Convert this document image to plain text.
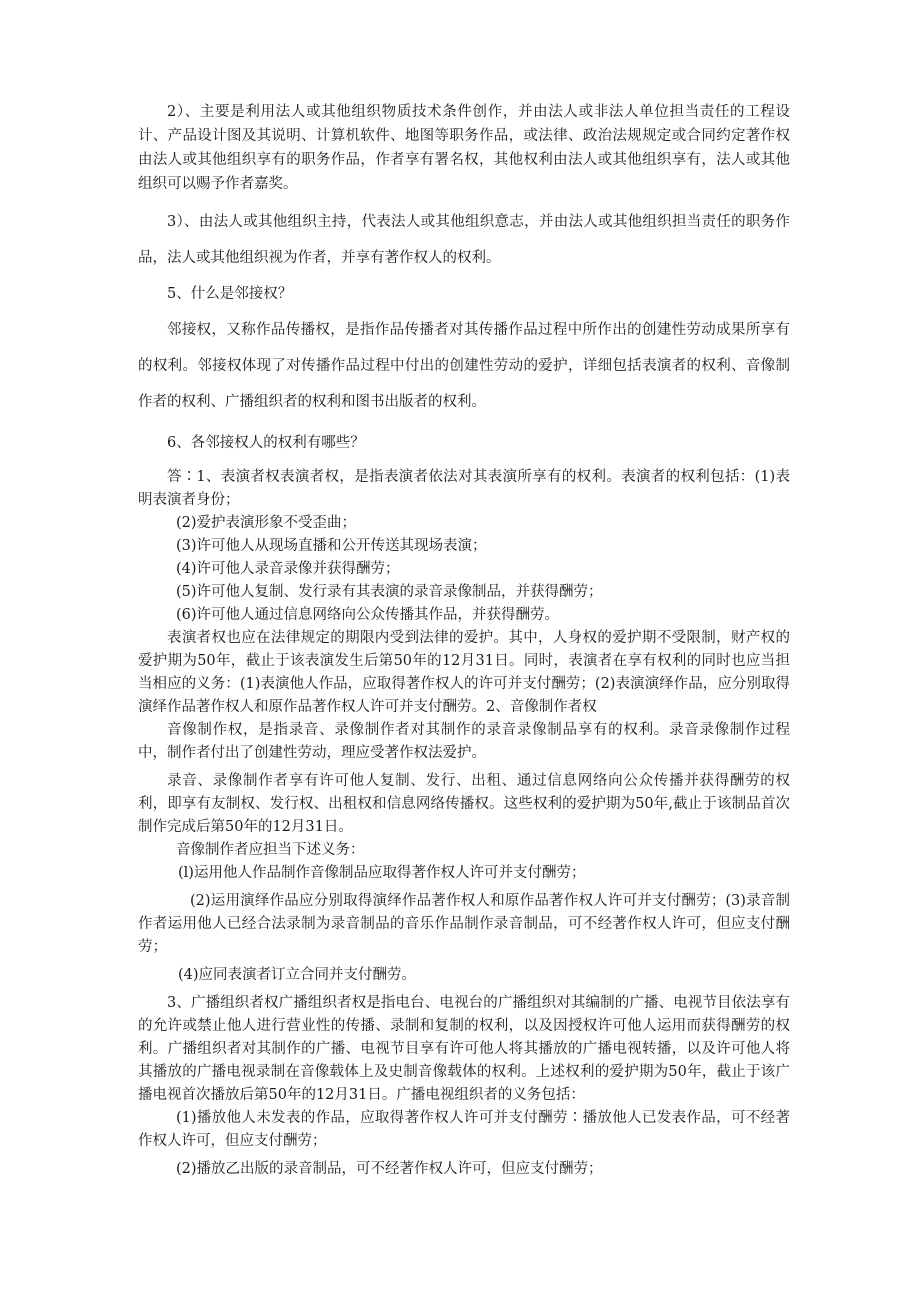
2）、主要是利用法人或其他组织物质技术条件创作，并由法人或非法人单位担当责任的工程设计、产品设计图及其说明、计算机软件、地图等职务作品，或法律、政治法规规定或合同约定著作权由法人或其他组织享有的职务作品，作者享有署名权，其他权利由法人或其他组织享有，法人或其他组织可以赐予作者嘉奖。

3）、由法人或其他组织主持，代表法人或其他组织意志，并由法人或其他组织担当责任的职务作品，法人或其他组织视为作者，并享有著作权人的权利。

5、什么是邻接权？

邻接权，又称作品传播权，是指作品传播者对其传播作品过程中所作出的创建性劳动成果所享有的权利。邻接权体现了对传播作品过程中付出的创建性劳动的爱护，详细包括表演者的权利、音像制作者的权利、广播组织者的权利和图书出版者的权利。

6、各邻接权人的权利有哪些？

答∶1、表演者权表演者权，是指表演者依法对其表演所享有的权利。表演者的权利包括：(1)表明表演者身份；

(2)爱护表演形象不受歪曲；

(3)许可他人从现场直播和公开传送其现场表演；

(4)许可他人录音录像并获得酬劳；

(5)许可他人复制、发行录有其表演的录音录像制品，并获得酬劳；

(6)许可他人通过信息网络向公众传播其作品，并获得酬劳。

表演者权也应在法律规定的期限内受到法律的爱护。其中，人身权的爱护期不受限制，财产权的爱护期为50年，截止于该表演发生后第50年的12月31日。同时，表演者在享有权利的同时也应当担当相应的义务：(1)表演他人作品，应取得著作权人的许可并支付酬劳；(2)表演演绎作品，应分别取得演绎作品著作权人和原作品著作权人许可并支付酬劳。2、音像制作者权

音像制作权，是指录音、录像制作者对其制作的录音录像制品享有的权利。录音录像制作过程中，制作者付出了创建性劳动，理应受著作权法爱护。

录音、录像制作者享有许可他人复制、发行、出租、通过信息网络向公众传播并获得酬劳的权利，即享有友制权、发行权、出租权和信息网络传播权。这些权利的爱护期为50年,截止于该制品首次制作完成后第50年的12月31日。

音像制作者应担当下述义务：

(l)运用他人作品制作音像制品应取得著作权人许可并支付酬劳；

(2)运用演绎作品应分别取得演绎作品著作权人和原作品著作权人许可并支付酬劳；(3)录音制作者运用他人已经合法录制为录音制品的音乐作品制作录音制品，可不经著作权人许可，但应支付酬劳；

(4)应同表演者订立合同并支付酬劳。

3、广播组织者权广播组织者权是指电台、电视台的广播组织对其编制的广播、电视节目依法享有的允许或禁止他人进行营业性的传播、录制和复制的权利，以及因授权许可他人运用而获得酬劳的权利。广播组织者对其制作的广播、电视节目享有许可他人将其播放的广播电视转播，以及许可他人将其播放的广播电视录制在音像载体上及史制音像载体的权利。上述权利的爱护期为50年，截止于该广播电视首次播放后第50年的12月31日。广播电视组织者的义务包括：

(1)播放他人未发表的作品，应取得著作权人许可并支付酬劳∶播放他人已发表作品，可不经著作权人许可，但应支付酬劳；

(2)播放乙出版的录音制品，可不经著作权人许可，但应支付酬劳；
